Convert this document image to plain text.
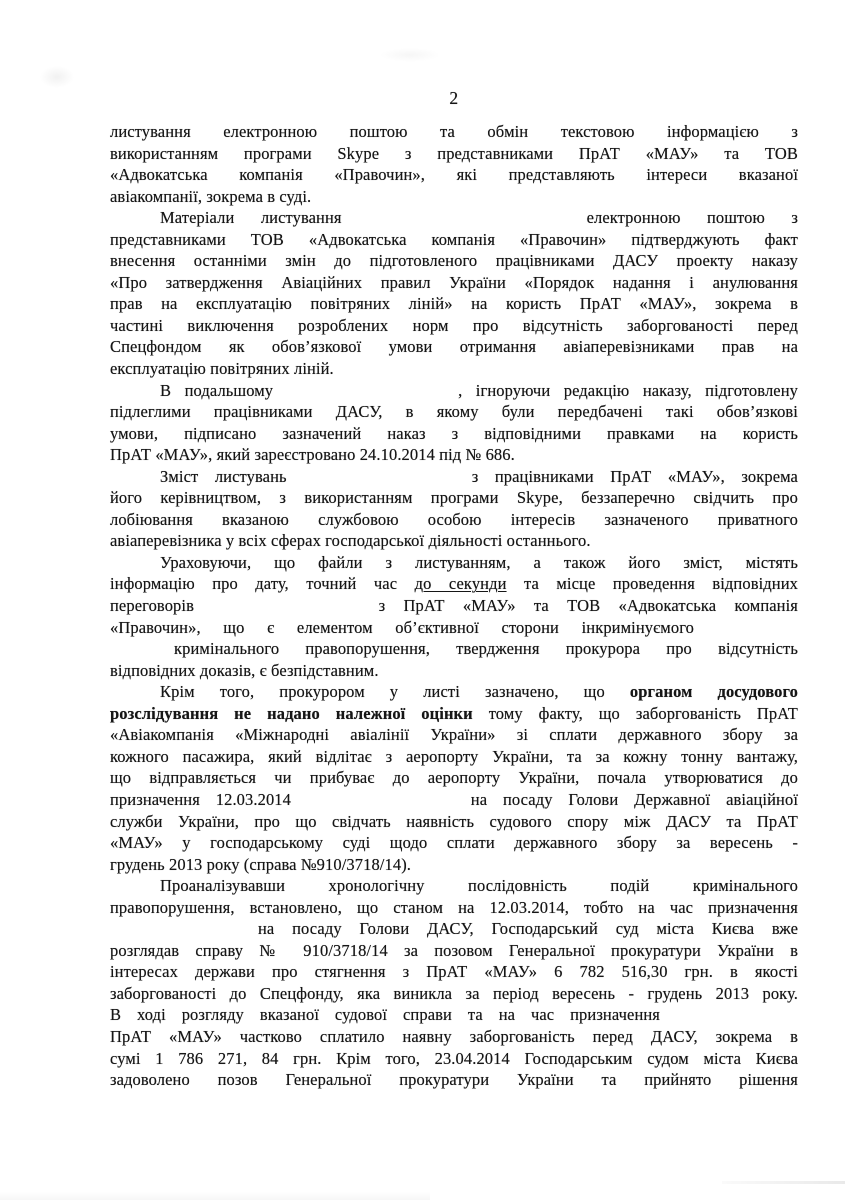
2
листування електронною поштою та обмін текстовою інформацією з
використанням програми Skype з представниками ПрАТ «МАУ» та ТОВ
«Адвокатська компанія «Правочин», які представляють інтереси вказаної
авіакомпанії, зокрема в суді.
Матеріали листування	електронною поштою з
представниками ТОВ «Адвокатська компанія «Правочин» підтверджують факт
внесення останніми змін до підготовленого працівниками ДАСУ проекту наказу
«Про затвердження Авіаційних правил України «Порядок надання і анулювання
прав на експлуатацію повітряних ліній» на користь ПрАТ «МАУ», зокрема в
частині виключення розроблених норм про відсутність заборгованості перед
Спецфондом як обов’язкової умови отримання авіаперевізниками прав на
експлуатацію повітряних ліній.
В подальшому	, ігноруючи редакцію наказу, підготовлену
підлеглими працівниками ДАСУ, в якому були передбачені такі обов’язкові
умови, підписано зазначений наказ з відповідними правками на користь
ПрАТ «МАУ», який зареєстровано 24.10.2014 під № 686.
Зміст листувань	з працівниками ПрАТ «МАУ», зокрема
його керівництвом, з використанням програми Skype, беззаперечно свідчить про
лобіювання вказаною службовою особою інтересів зазначеного приватного
авіаперевізника у всіх сферах господарської діяльності останнього.
Ураховуючи, що файли з листуванням, а також його зміст, містять
інформацію про дату, точний час до секунди та місце проведення відповідних
переговорів	з ПрАТ «МАУ» та ТОВ «Адвокатська компанія
«Правочин», що є елементом об’єктивної сторони інкримінуємого
кримінального правопорушення, твердження прокурора про відсутність
відповідних доказів, є безпідставним.
Крім того, прокурором у листі зазначено, що органом досудового
розслідування не надано належної оцінки тому факту, що заборгованість ПрАТ
«Авіакомпанія «Міжнародні авіалінії України» зі сплати державного збору за
кожного пасажира, який відлітає з аеропорту України, та за кожну тонну вантажу,
що відправляється чи прибуває до аеропорту України, почала утворюватися до
призначення 12.03.2014	на посаду Голови Державної авіаційної
служби України, про що свідчать наявність судового спору між ДАСУ та ПрАТ
«МАУ» у господарському суді щодо сплати державного збору за вересень -
грудень 2013 року (справа №910/3718/14).
Проаналізувавши хронологічну послідовність подій кримінального
правопорушення, встановлено, що станом на 12.03.2014, тобто на час призначення
на посаду Голови ДАСУ, Господарський суд міста Києва вже
розглядав справу № 910/3718/14 за позовом Генеральної прокуратури України в
інтересах держави про стягнення з ПрАТ «МАУ» 6 782 516,30 грн. в якості
заборгованості до Спецфонду, яка виникла за період вересень - грудень 2013 року.
В ході розгляду вказаної судової справи та на час призначення
ПрАТ «МАУ» частково сплатило наявну заборгованість перед ДАСУ, зокрема в
сумі 1 786 271, 84 грн. Крім того, 23.04.2014 Господарським судом міста Києва
задоволено позов Генеральної прокуратури України та прийнято рішення
